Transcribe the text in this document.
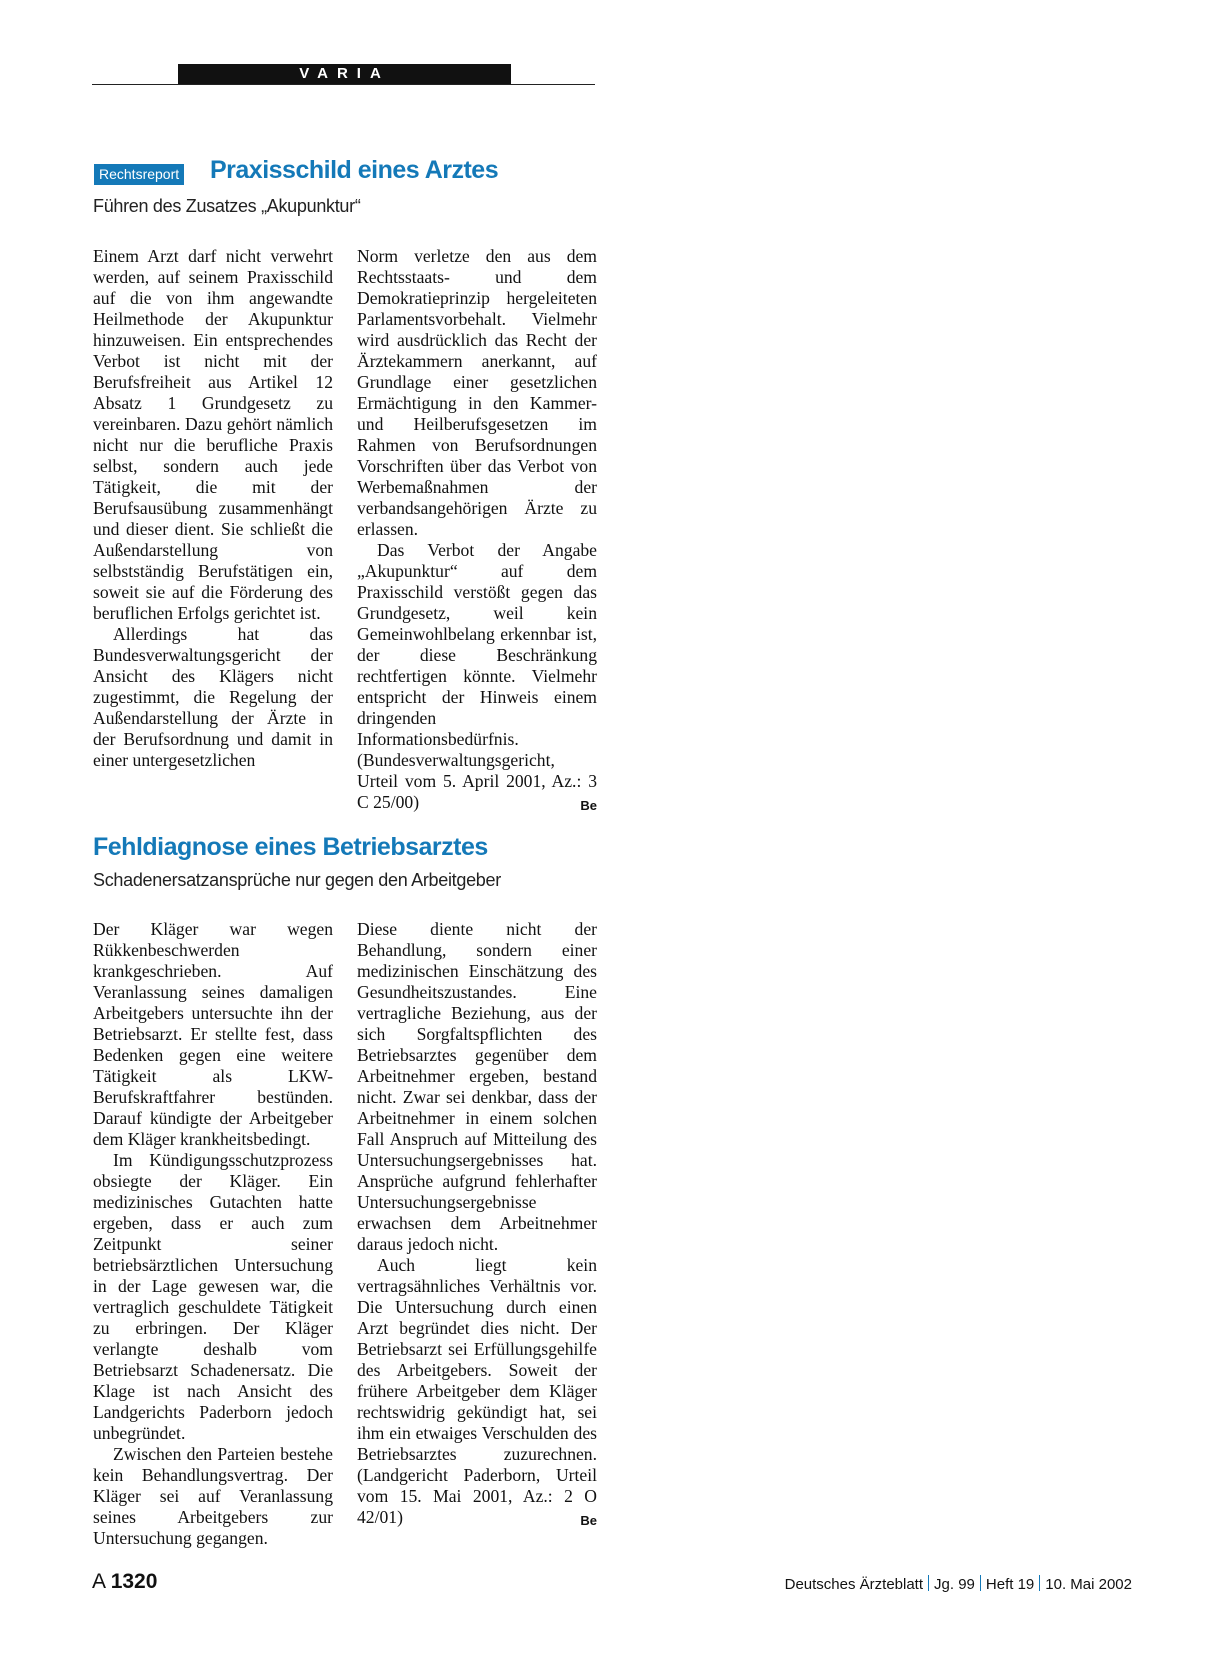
VARIA
Rechtsreport Praxisschild eines Arztes
Führen des Zusatzes „Akupunktur“

Einem Arzt darf nicht verwehrt werden, auf seinem Praxisschild auf die von ihm angewandte Heilmethode der Akupunktur hinzuweisen. Ein entsprechendes Verbot ist nicht mit der Berufsfreiheit aus Artikel 12 Absatz 1 Grundgesetz zu vereinbaren. Dazu gehört nämlich nicht nur die berufliche Praxis selbst, sondern auch jede Tätigkeit, die mit der Berufsausübung zusammenhängt und dieser dient. Sie schließt die Außendarstellung von selbstständig Berufstätigen ein, soweit sie auf die Förderung des beruflichen Erfolgs gerichtet ist.

Allerdings hat das Bundesverwaltungsgericht der Ansicht des Klägers nicht zugestimmt, die Regelung der Außendarstellung der Ärzte in der Berufsordnung und damit in einer untergesetzlichen

Norm verletze den aus dem Rechtsstaats- und dem Demokratieprinzip hergeleiteten Parlamentsvorbehalt. Vielmehr wird ausdrücklich das Recht der Ärztekammern anerkannt, auf Grundlage einer gesetzlichen Ermächtigung in den Kammer- und Heilberufsgesetzen im Rahmen von Berufsordnungen Vorschriften über das Verbot von Werbemaßnahmen der verbandsangehörigen Ärzte zu erlassen.

Das Verbot der Angabe „Akupunktur“ auf dem Praxisschild verstößt gegen das Grundgesetz, weil kein Gemeinwohlbelang erkennbar ist, der diese Beschränkung rechtfertigen könnte. Vielmehr entspricht der Hinweis einem dringenden Informationsbedürfnis. (Bundesverwaltungsgericht, Urteil vom 5. April 2001, Az.: 3 C 25/00)	Be

Fehldiagnose eines Betriebsarztes
Schadenersatzansprüche nur gegen den Arbeitgeber

Der Kläger war wegen Rükkenbeschwerden krankgeschrieben. Auf Veranlassung seines damaligen Arbeitgebers untersuchte ihn der Betriebsarzt. Er stellte fest, dass Bedenken gegen eine weitere Tätigkeit als LKW-Berufskraftfahrer bestünden. Darauf kündigte der Arbeitgeber dem Kläger krankheitsbedingt.

Im Kündigungsschutzprozess obsiegte der Kläger. Ein medizinisches Gutachten hatte ergeben, dass er auch zum Zeitpunkt seiner betriebsärztlichen Untersuchung in der Lage gewesen war, die vertraglich geschuldete Tätigkeit zu erbringen. Der Kläger verlangte deshalb vom Betriebsarzt Schadenersatz. Die Klage ist nach Ansicht des Landgerichts Paderborn jedoch unbegründet.

Zwischen den Parteien bestehe kein Behandlungsvertrag. Der Kläger sei auf Veranlassung seines Arbeitgebers zur Untersuchung gegangen.

Diese diente nicht der Behandlung, sondern einer medizinischen Einschätzung des Gesundheitszustandes. Eine vertragliche Beziehung, aus der sich Sorgfaltspflichten des Betriebsarztes gegenüber dem Arbeitnehmer ergeben, bestand nicht. Zwar sei denkbar, dass der Arbeitnehmer in einem solchen Fall Anspruch auf Mitteilung des Untersuchungsergebnisses hat. Ansprüche aufgrund fehlerhafter Untersuchungsergebnisse erwachsen dem Arbeitnehmer daraus jedoch nicht.

Auch liegt kein vertragsähnliches Verhältnis vor. Die Untersuchung durch einen Arzt begründet dies nicht. Der Betriebsarzt sei Erfüllungsgehilfe des Arbeitgebers. Soweit der frühere Arbeitgeber dem Kläger rechtswidrig gekündigt hat, sei ihm ein etwaiges Verschulden des Betriebsarztes zuzurechnen. (Landgericht Paderborn, Urteil vom 15. Mai 2001, Az.: 2 O 42/01)	Be

A 1320	Deutsches Ärzteblatt Jg. 99 Heft 19 10. Mai 2002
